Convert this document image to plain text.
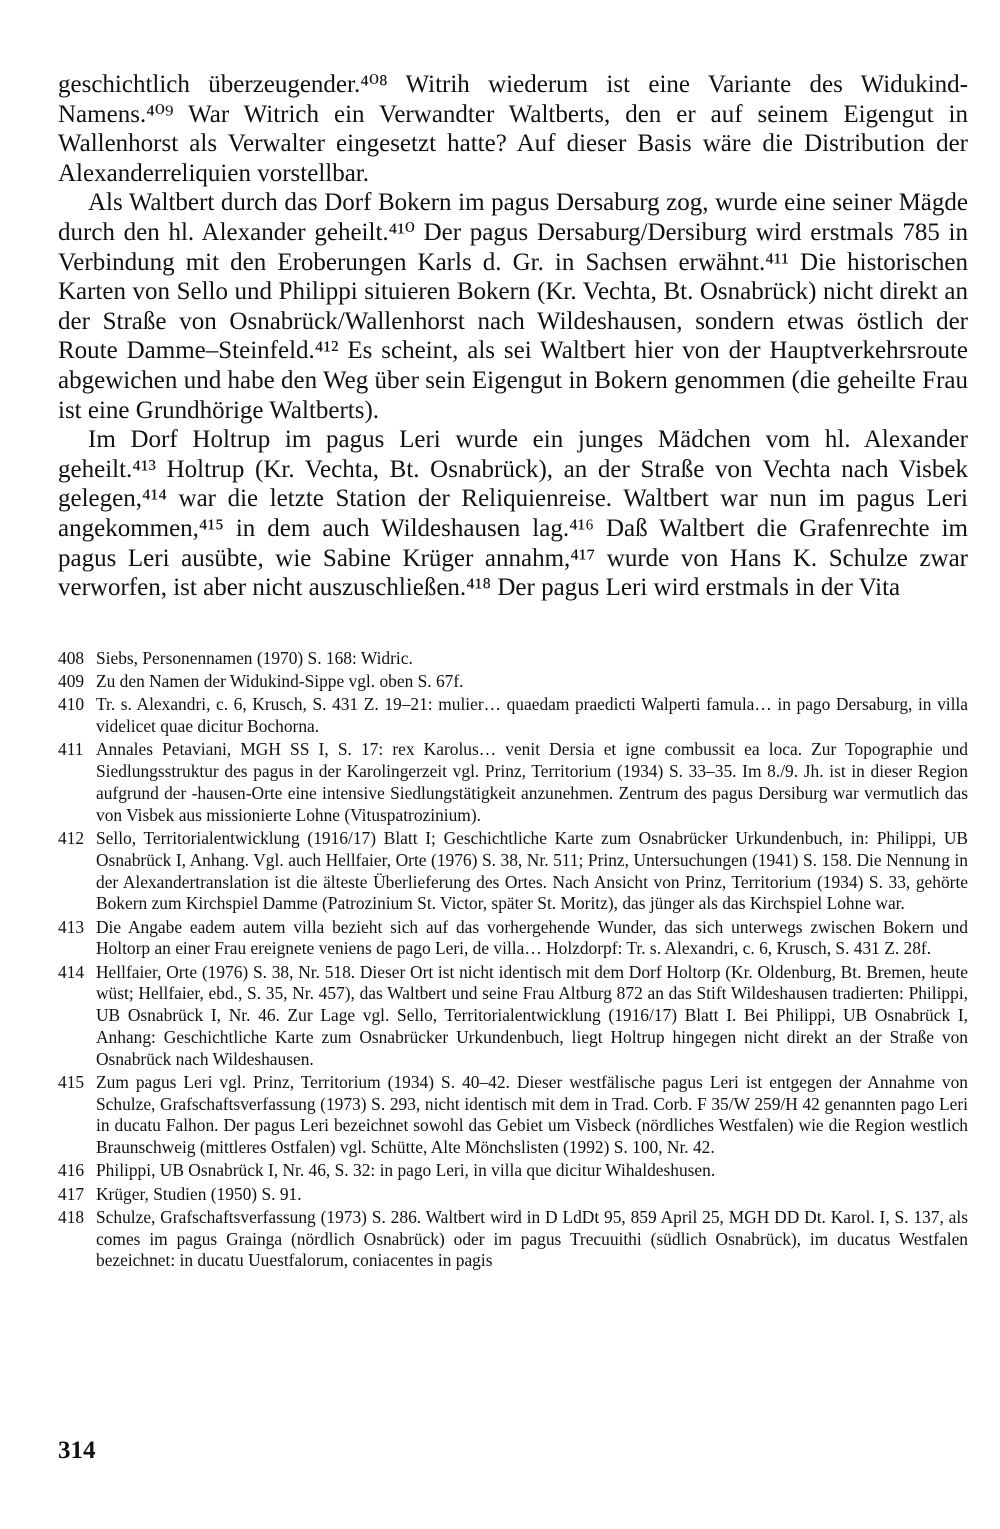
geschichtlich überzeugender.⁴⁰⁸ Witrih wiederum ist eine Variante des Widukind-Namens.⁴⁰⁹ War Witrich ein Verwandter Waltberts, den er auf seinem Eigengut in Wallenhorst als Verwalter eingesetzt hatte? Auf dieser Basis wäre die Distribution der Alexanderreliquien vorstellbar.

Als Waltbert durch das Dorf Bokern im pagus Dersaburg zog, wurde eine seiner Mägde durch den hl. Alexander geheilt.⁴¹⁰ Der pagus Dersaburg/Dersiburg wird erstmals 785 in Verbindung mit den Eroberungen Karls d. Gr. in Sachsen erwähnt.⁴¹¹ Die historischen Karten von Sello und Philippi situieren Bokern (Kr. Vechta, Bt. Osnabrück) nicht direkt an der Straße von Osnabrück/Wallenhorst nach Wildeshausen, sondern etwas östlich der Route Damme–Steinfeld.⁴¹² Es scheint, als sei Waltbert hier von der Hauptverkehrsroute abgewichen und habe den Weg über sein Eigengut in Bokern genommen (die geheilte Frau ist eine Grundhörige Waltberts).

Im Dorf Holtrup im pagus Leri wurde ein junges Mädchen vom hl. Alexander geheilt.⁴¹³ Holtrup (Kr. Vechta, Bt. Osnabrück), an der Straße von Vechta nach Visbek gelegen,⁴¹⁴ war die letzte Station der Reliquienreise. Waltbert war nun im pagus Leri angekommen,⁴¹⁵ in dem auch Wildeshausen lag.⁴¹⁶ Daß Waltbert die Grafenrechte im pagus Leri ausübte, wie Sabine Krüger annahm,⁴¹⁷ wurde von Hans K. Schulze zwar verworfen, ist aber nicht auszuschließen.⁴¹⁸ Der pagus Leri wird erstmals in der Vita

408 Siebs, Personennamen (1970) S. 168: Widric.
409 Zu den Namen der Widukind-Sippe vgl. oben S. 67f.
410 Tr. s. Alexandri, c. 6, Krusch, S. 431 Z. 19–21: mulier… quaedam praedicti Walperti famula… in pago Dersaburg, in villa videlicet quae dicitur Bochorna.
411 Annales Petaviani, MGH SS I, S. 17: rex Karolus… venit Dersia et igne combussit ea loca. Zur Topographie und Siedlungsstruktur des pagus in der Karolingerzeit vgl. Prinz, Territorium (1934) S. 33–35. Im 8./9. Jh. ist in dieser Region aufgrund der -hausen-Orte eine intensive Siedlungstätigkeit anzunehmen. Zentrum des pagus Dersiburg war vermutlich das von Visbek aus missionierte Lohne (Vituspatrozinium).
412 Sello, Territorialentwicklung (1916/17) Blatt I; Geschichtliche Karte zum Osnabrücker Urkundenbuch, in: Philippi, UB Osnabrück I, Anhang. Vgl. auch Hellfaier, Orte (1976) S. 38, Nr. 511; Prinz, Untersuchungen (1941) S. 158. Die Nennung in der Alexandertranslation ist die älteste Überlieferung des Ortes. Nach Ansicht von Prinz, Territorium (1934) S. 33, gehörte Bokern zum Kirchspiel Damme (Patrozinium St. Victor, später St. Moritz), das jünger als das Kirchspiel Lohne war.
413 Die Angabe eadem autem villa bezieht sich auf das vorhergehende Wunder, das sich unterwegs zwischen Bokern und Holtorp an einer Frau ereignete veniens de pago Leri, de villa… Holzdorpf: Tr. s. Alexandri, c. 6, Krusch, S. 431 Z. 28f.
414 Hellfaier, Orte (1976) S. 38, Nr. 518. Dieser Ort ist nicht identisch mit dem Dorf Holtorp (Kr. Oldenburg, Bt. Bremen, heute wüst; Hellfaier, ebd., S. 35, Nr. 457), das Waltbert und seine Frau Altburg 872 an das Stift Wildeshausen tradierten: Philippi, UB Osnabrück I, Nr. 46. Zur Lage vgl. Sello, Territorialentwicklung (1916/17) Blatt I. Bei Philippi, UB Osnabrück I, Anhang: Geschichtliche Karte zum Osnabrücker Urkundenbuch, liegt Holtrup hingegen nicht direkt an der Straße von Osnabrück nach Wildeshausen.
415 Zum pagus Leri vgl. Prinz, Territorium (1934) S. 40–42. Dieser westfälische pagus Leri ist entgegen der Annahme von Schulze, Grafschaftsverfassung (1973) S. 293, nicht identisch mit dem in Trad. Corb. F 35/W 259/H 42 genannten pago Leri in ducatu Falhon. Der pagus Leri bezeichnet sowohl das Gebiet um Visbeck (nördliches Westfalen) wie die Region westlich Braunschweig (mittleres Ostfalen) vgl. Schütte, Alte Mönchslisten (1992) S. 100, Nr. 42.
416 Philippi, UB Osnabrück I, Nr. 46, S. 32: in pago Leri, in villa que dicitur Wihaldeshusen.
417 Krüger, Studien (1950) S. 91.
418 Schulze, Grafschaftsverfassung (1973) S. 286. Waltbert wird in D LdDt 95, 859 April 25, MGH DD Dt. Karol. I, S. 137, als comes im pagus Grainga (nördlich Osnabrück) oder im pagus Trecuuithi (südlich Osnabrück), im ducatus Westfalen bezeichnet: in ducatu Uuestfalorum, coniacentes in pagis
314
